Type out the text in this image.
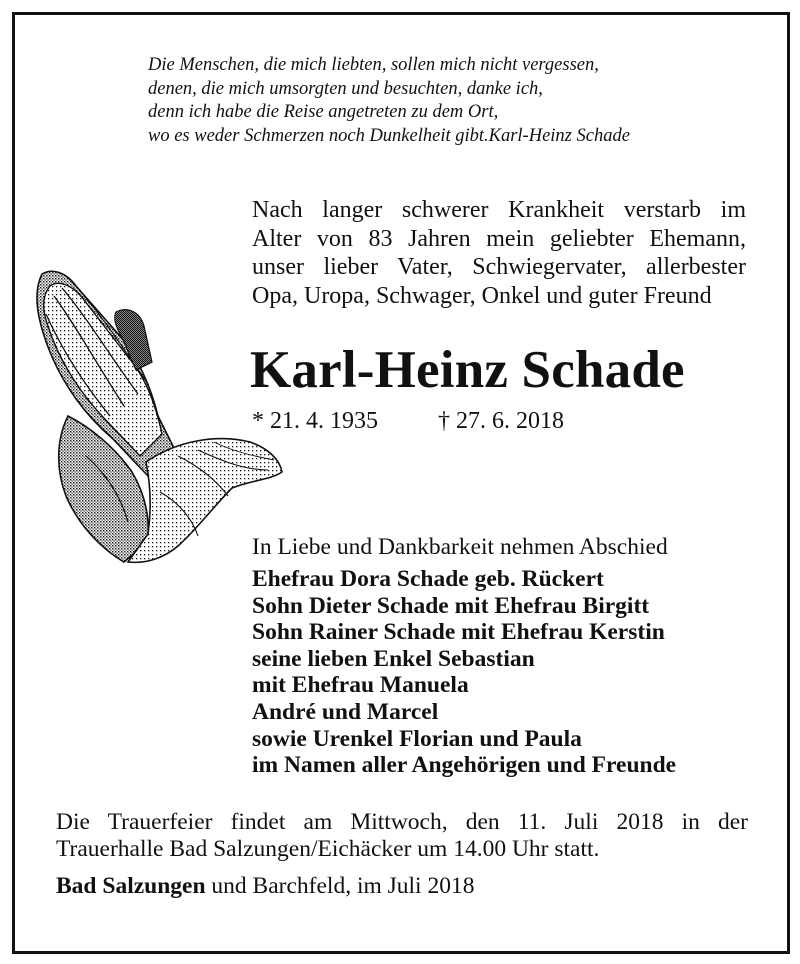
Die Menschen, die mich liebten, sollen mich nicht vergessen,
denen, die mich umsorgten und besuchten, danke ich,
denn ich habe die Reise angetreten zu dem Ort,
wo es weder Schmerzen noch Dunkelheit gibt.Karl-Heinz Schade
Nach langer schwerer Krankheit verstarb im
Alter von 83 Jahren mein geliebter Ehemann,
unser lieber Vater, Schwiegervater, allerbester
Opa, Uropa, Schwager, Onkel und guter Freund
Karl-Heinz Schade
* 21. 4. 1935	† 27. 6. 2018
In Liebe und Dankbarkeit nehmen Abschied
Ehefrau Dora Schade geb. Rückert
Sohn Dieter Schade mit Ehefrau Birgitt
Sohn Rainer Schade mit Ehefrau Kerstin
seine lieben Enkel Sebastian
mit Ehefrau Manuela
André und Marcel
sowie Urenkel Florian und Paula
im Namen aller Angehörigen und Freunde
Die Trauerfeier findet am Mittwoch, den 11. Juli 2018 in der
Trauerhalle Bad Salzungen/Eichäcker um 14.00 Uhr statt.
Bad Salzungen und Barchfeld, im Juli 2018
